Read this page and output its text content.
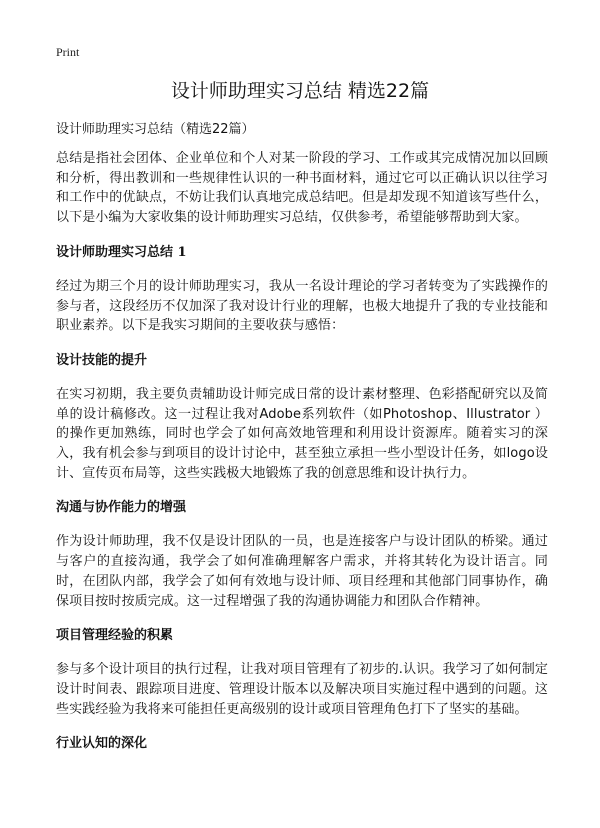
Print
设计师助理实习总结 精选22篇

设计师助理实习总结（精选22篇）

总结是指社会团体、企业单位和个人对某一阶段的学习、工作或其完成情况加以回顾和分析，得出教训和一些规律性认识的一种书面材料，通过它可以正确认识以往学习和工作中的优缺点，不妨让我们认真地完成总结吧。但是却发现不知道该写些什么，以下是小编为大家收集的设计师助理实习总结，仅供参考，希望能够帮助到大家。

设计师助理实习总结 1

经过为期三个月的设计师助理实习，我从一名设计理论的学习者转变为了实践操作的参与者，这段经历不仅加深了我对设计行业的理解，也极大地提升了我的专业技能和职业素养。以下是我实习期间的主要收获与感悟：

设计技能的提升

在实习初期，我主要负责辅助设计师完成日常的设计素材整理、色彩搭配研究以及简单的设计稿修改。这一过程让我对Adobe系列软件（如Photoshop、Illustrator ）的操作更加熟练，同时也学会了如何高效地管理和利用设计资源库。随着实习的深入，我有机会参与到项目的设计讨论中，甚至独立承担一些小型设计任务，如logo设计、宣传页布局等，这些实践极大地锻炼了我的创意思维和设计执行力。

沟通与协作能力的增强

作为设计师助理，我不仅是设计团队的一员，也是连接客户与设计团队的桥梁。通过与客户的直接沟通，我学会了如何准确理解客户需求，并将其转化为设计语言。同时，在团队内部，我学会了如何有效地与设计师、项目经理和其他部门同事协作，确保项目按时按质完成。这一过程增强了我的沟通协调能力和团队合作精神。

项目管理经验的积累

参与多个设计项目的执行过程，让我对项目管理有了初步的.认识。我学习了如何制定设计时间表、跟踪项目进度、管理设计版本以及解决项目实施过程中遇到的问题。这些实践经验为我将来可能担任更高级别的设计或项目管理角色打下了坚实的基础。

行业认知的深化
